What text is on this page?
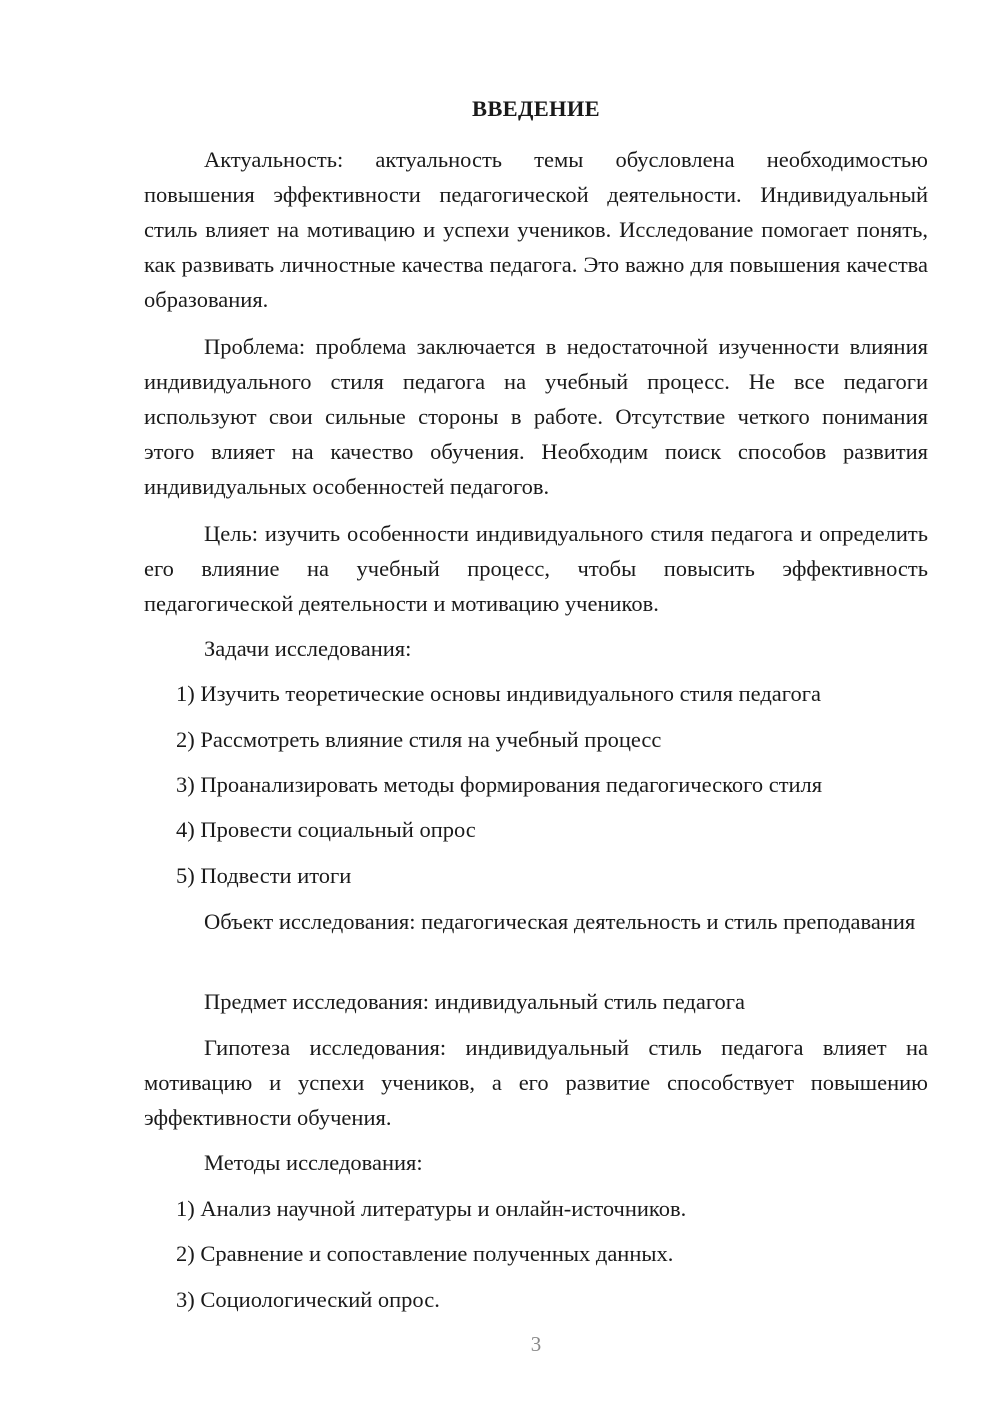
ВВЕДЕНИЕ

Актуальность: актуальность темы обусловлена необходимостью повышения эффективности педагогической деятельности. Индивидуальный стиль влияет на мотивацию и успехи учеников. Исследование помогает понять, как развивать личностные качества педагога. Это важно для повышения качества образования.

Проблема: проблема заключается в недостаточной изученности влияния индивидуального стиля педагога на учебный процесс. Не все педагоги используют свои сильные стороны в работе. Отсутствие четкого понимания этого влияет на качество обучения. Необходим поиск способов развития индивидуальных особенностей педагогов.

Цель: изучить особенности индивидуального стиля педагога и определить его влияние на учебный процесс, чтобы повысить эффективность педагогической деятельности и мотивацию учеников.

Задачи исследования:

1) Изучить теоретические основы индивидуального стиля педагога
2) Рассмотреть влияние стиля на учебный процесс
3) Проанализировать методы формирования педагогического стиля
4) Провести социальный опрос
5) Подвести итоги

Объект исследования: педагогическая деятельность и стиль преподавания

Предмет исследования: индивидуальный стиль педагога

Гипотеза исследования: индивидуальный стиль педагога влияет на мотивацию и успехи учеников, а его развитие способствует повышению эффективности обучения.

Методы исследования:

1) Анализ научной литературы и онлайн-источников.
2) Сравнение и сопоставление полученных данных.
3) Социологический опрос.
3
